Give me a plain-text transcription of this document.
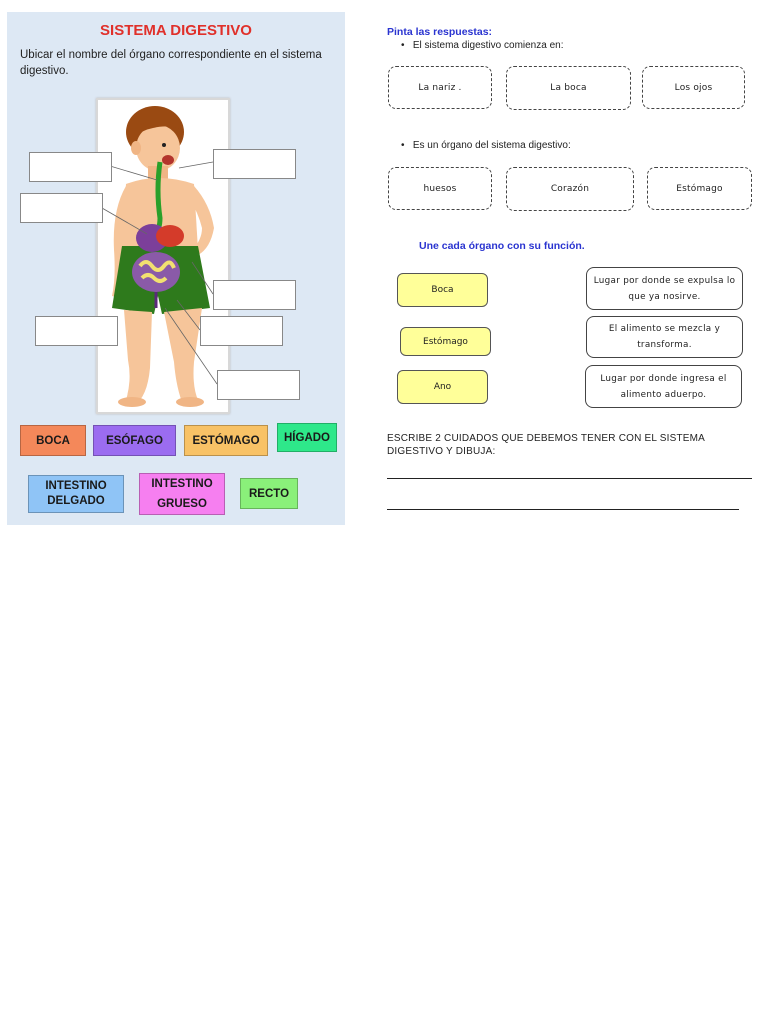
SISTEMA DIGESTIVO
Ubicar el nombre del órgano correspondiente en el sistema digestivo.
BOCA	ESÓFAGO	ESTÓMAGO	HÍGADO
INTESTINO DELGADO
INTESTINO GRUESO
RECTO
Pinta las respuestas:
• El sistema digestivo comienza en:
La nariz .	La boca	Los ojos
• Es un órgano del sistema digestivo:
huesos	Corazón	Estómago
Une cada órgano con su función.
Boca
Estómago
Ano
Lugar por donde se expulsa lo que ya nosirve.
El alimento se mezcla y transforma.
Lugar por donde ingresa el alimento aduerpo.
ESCRIBE 2 CUIDADOS QUE DEBEMOS TENER CON EL SISTEMA DIGESTIVO Y DIBUJA:
